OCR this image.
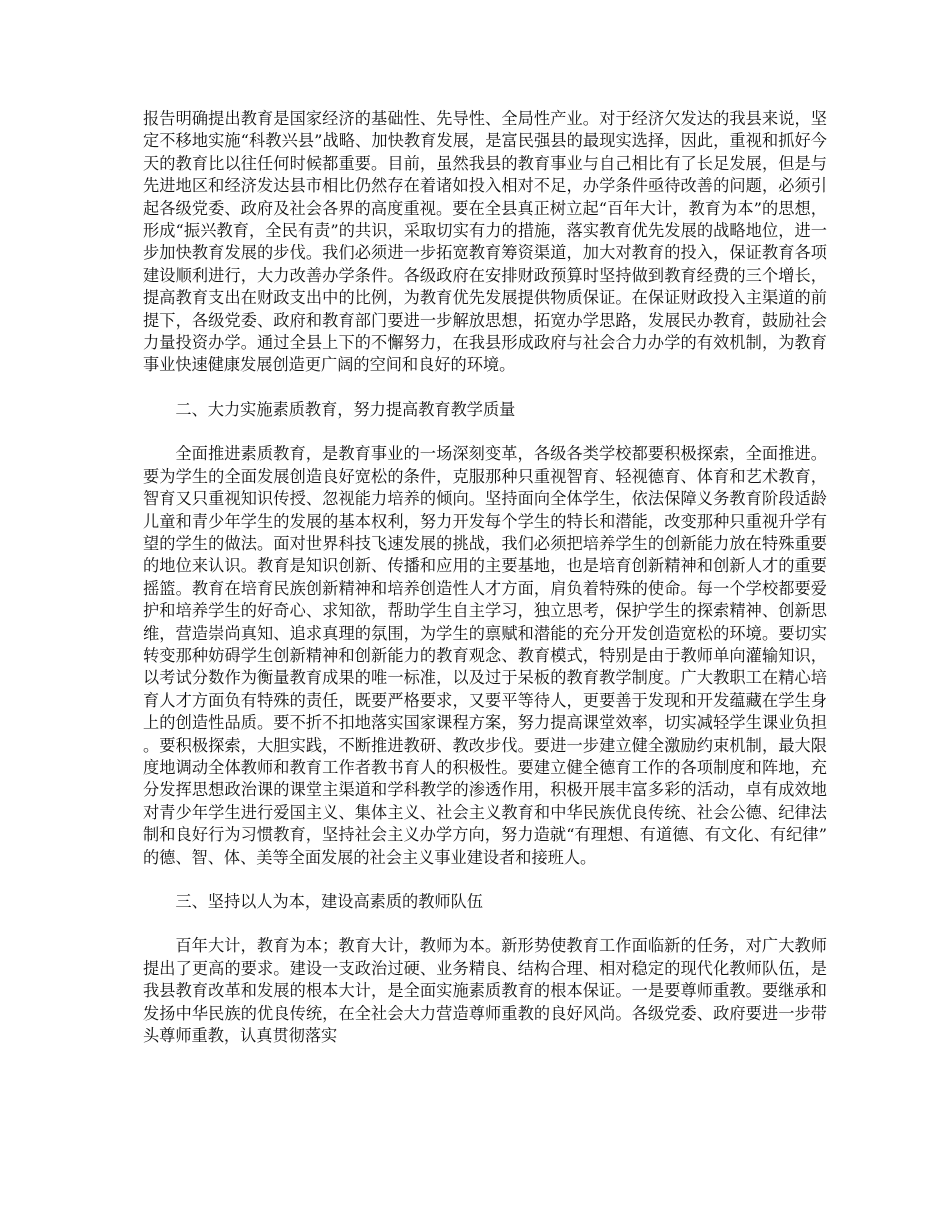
报告明确提出教育是国家经济的基础性、先导性、全局性产业。对于经济欠发达的我县来说，坚定不移地实施“科教兴县”战略、加快教育发展，是富民强县的最现实选择，因此，重视和抓好今天的教育比以往任何时候都重要。目前，虽然我县的教育事业与自己相比有了长足发展，但是与先进地区和经济发达县市相比仍然存在着诸如投入相对不足，办学条件亟待改善的问题，必须引起各级党委、政府及社会各界的高度重视。要在全县真正树立起“百年大计，教育为本”的思想，形成“振兴教育，全民有责”的共识，采取切实有力的措施，落实教育优先发展的战略地位，进一步加快教育发展的步伐。我们必须进一步拓宽教育筹资渠道，加大对教育的投入，保证教育各项建设顺利进行，大力改善办学条件。各级政府在安排财政预算时坚持做到教育经费的三个增长，提高教育支出在财政支出中的比例，为教育优先发展提供物质保证。在保证财政投入主渠道的前提下，各级党委、政府和教育部门要进一步解放思想，拓宽办学思路，发展民办教育，鼓励社会力量投资办学。通过全县上下的不懈努力，在我县形成政府与社会合力办学的有效机制，为教育事业快速健康发展创造更广阔的空间和良好的环境。

二、大力实施素质教育，努力提高教育教学质量

全面推进素质教育，是教育事业的一场深刻变革，各级各类学校都要积极探索，全面推进。要为学生的全面发展创造良好宽松的条件，克服那种只重视智育、轻视德育、体育和艺术教育，智育又只重视知识传授、忽视能力培养的倾向。坚持面向全体学生，依法保障义务教育阶段适龄儿童和青少年学生的发展的基本权利，努力开发每个学生的特长和潜能，改变那种只重视升学有望的学生的做法。面对世界科技飞速发展的挑战，我们必须把培养学生的创新能力放在特殊重要的地位来认识。教育是知识创新、传播和应用的主要基地，也是培育创新精神和创新人才的重要摇篮。教育在培育民族创新精神和培养创造性人才方面，肩负着特殊的使命。每一个学校都要爱护和培养学生的好奇心、求知欲，帮助学生自主学习，独立思考，保护学生的探索精神、创新思维，营造崇尚真知、追求真理的氛围，为学生的禀赋和潜能的充分开发创造宽松的环境。要切实转变那种妨碍学生创新精神和创新能力的教育观念、教育模式，特别是由于教师单向灌输知识，以考试分数作为衡量教育成果的唯一标准，以及过于呆板的教育教学制度。广大教职工在精心培育人才方面负有特殊的责任，既要严格要求，又要平等待人，更要善于发现和开发蕴藏在学生身上的创造性品质。要不折不扣地落实国家课程方案，努力提高课堂效率，切实减轻学生课业负担。要积极探索，大胆实践，不断推进教研、教改步伐。要进一步建立健全激励约束机制，最大限度地调动全体教师和教育工作者教书育人的积极性。要建立健全德育工作的各项制度和阵地，充分发挥思想政治课的课堂主渠道和学科教学的渗透作用，积极开展丰富多彩的活动，卓有成效地对青少年学生进行爱国主义、集体主义、社会主义教育和中华民族优良传统、社会公德、纪律法制和良好行为习惯教育，坚持社会主义办学方向，努力造就“有理想、有道德、有文化、有纪律”的德、智、体、美等全面发展的社会主义事业建设者和接班人。

三、坚持以人为本，建设高素质的教师队伍

百年大计，教育为本；教育大计，教师为本。新形势使教育工作面临新的任务，对广大教师提出了更高的要求。建设一支政治过硬、业务精良、结构合理、相对稳定的现代化教师队伍，是我县教育改革和发展的根本大计，是全面实施素质教育的根本保证。一是要尊师重教。要继承和发扬中华民族的优良传统，在全社会大力营造尊师重教的良好风尚。各级党委、政府要进一步带头尊师重教，认真贯彻落实
